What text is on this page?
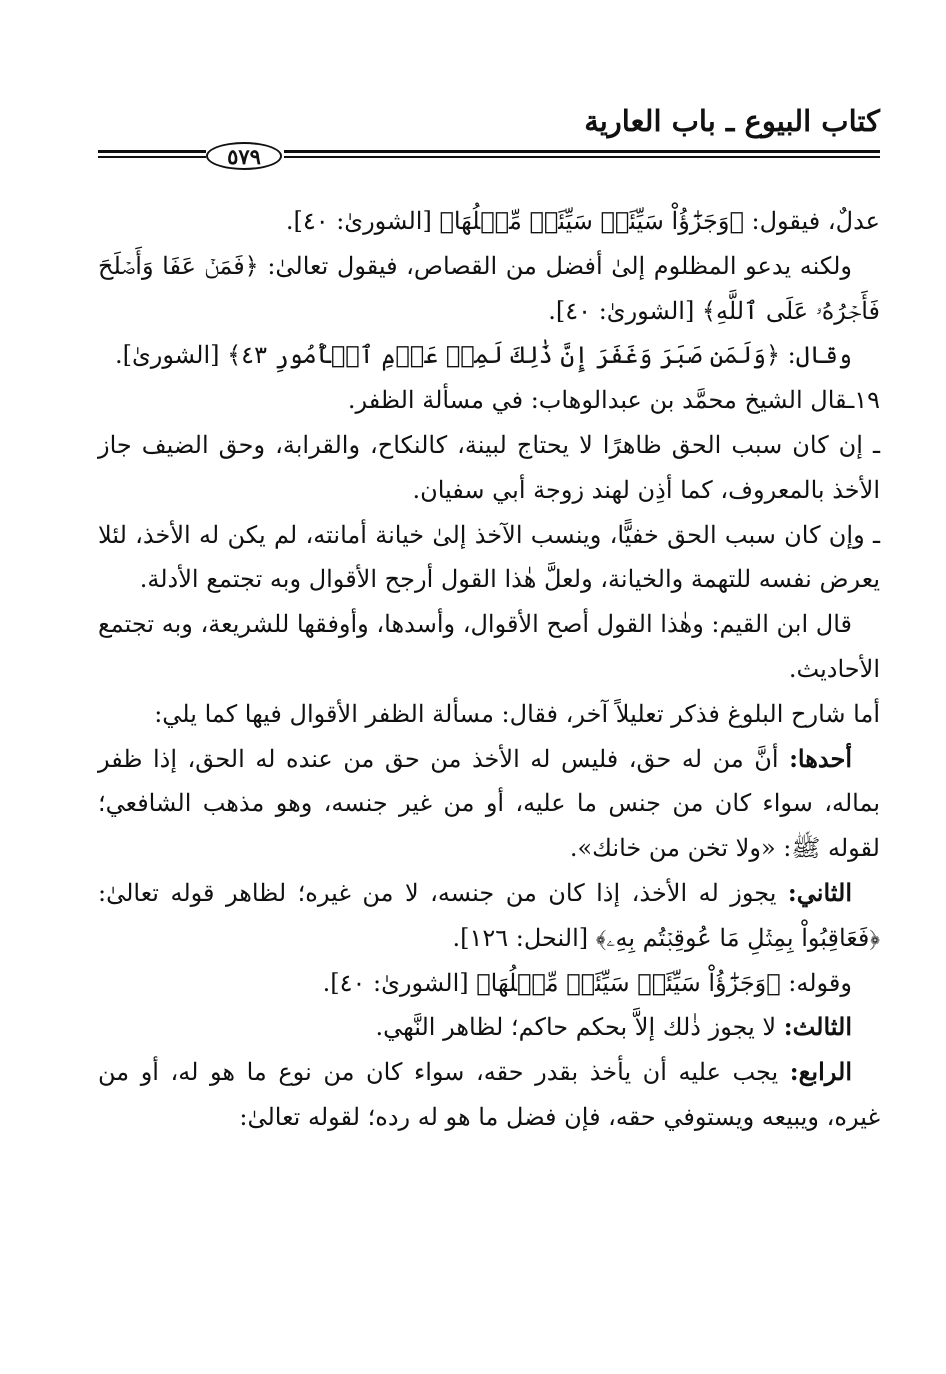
كتاب البيوع ـ باب العارية
٥٧٩

عدلٌ، فيقول: ﴿وَجَزَٰٓؤُاْ سَيِّئَةٖ سَيِّئَةٞ مِّثۡلُهَا﴾ [الشورىٰ: ٤٠].

ولكنه يدعو المظلوم إلىٰ أفضل من القصاص، فيقول تعالىٰ: ﴿فَمَنۡ عَفَا وَأَصۡلَحَ فَأَجۡرُهُۥ عَلَى ٱللَّهِ﴾ [الشورىٰ: ٤٠].

وقال: ﴿وَلَمَن صَبَرَ وَغَفَرَ إِنَّ ذَٰلِكَ لَمِنۡ عَزۡمِ ٱلۡأُمُورِ ٤٣﴾ [الشورىٰ].

١٩ـقال الشيخ محمَّد بن عبدالوهاب: في مسألة الظفر.

ـ إن كان سبب الحق ظاهرًا لا يحتاج لبينة، كالنكاح، والقرابة، وحق الضيف جاز الأخذ بالمعروف، كما أذِن لهند زوجة أبي سفيان.

ـ وإن كان سبب الحق خفيًّا، وينسب الآخذ إلىٰ خيانة أمانته، لم يكن له الأخذ، لئلا يعرض نفسه للتهمة والخيانة، ولعلَّ هٰذا القول أرجح الأقوال وبه تجتمع الأدلة.

قال ابن القيم: وهٰذا القول أصح الأقوال، وأسدها، وأوفقها للشريعة، وبه تجتمع الأحاديث.

أما شارح البلوغ فذكر تعليلاً آخر، فقال: مسألة الظفر الأقوال فيها كما يلي:

أحدها: أنَّ من له حق، فليس له الأخذ من حق من عنده له الحق، إذا ظفر بماله، سواء كان من جنس ما عليه، أو من غير جنسه، وهو مذهب الشافعي؛ لقوله ﷺ: «ولا تخن من خانك».

الثاني: يجوز له الأخذ، إذا كان من جنسه، لا من غيره؛ لظاهر قوله تعالىٰ: ﴿فَعَاقِبُواْ بِمِثۡلِ مَا عُوقِبۡتُم بِهِۦ﴾ [النحل: ١٢٦].

وقوله: ﴿وَجَزَٰٓؤُاْ سَيِّئَةٖ سَيِّئَةٞ مِّثۡلُهَا﴾ [الشورىٰ: ٤٠].

الثالث: لا يجوز ذٰلك إلاَّ بحكم حاكم؛ لظاهر النَّهي.

الرابع: يجب عليه أن يأخذ بقدر حقه، سواء كان من نوع ما هو له، أو من غيره، ويبيعه ويستوفي حقه، فإن فضل ما هو له رده؛ لقوله تعالىٰ:
